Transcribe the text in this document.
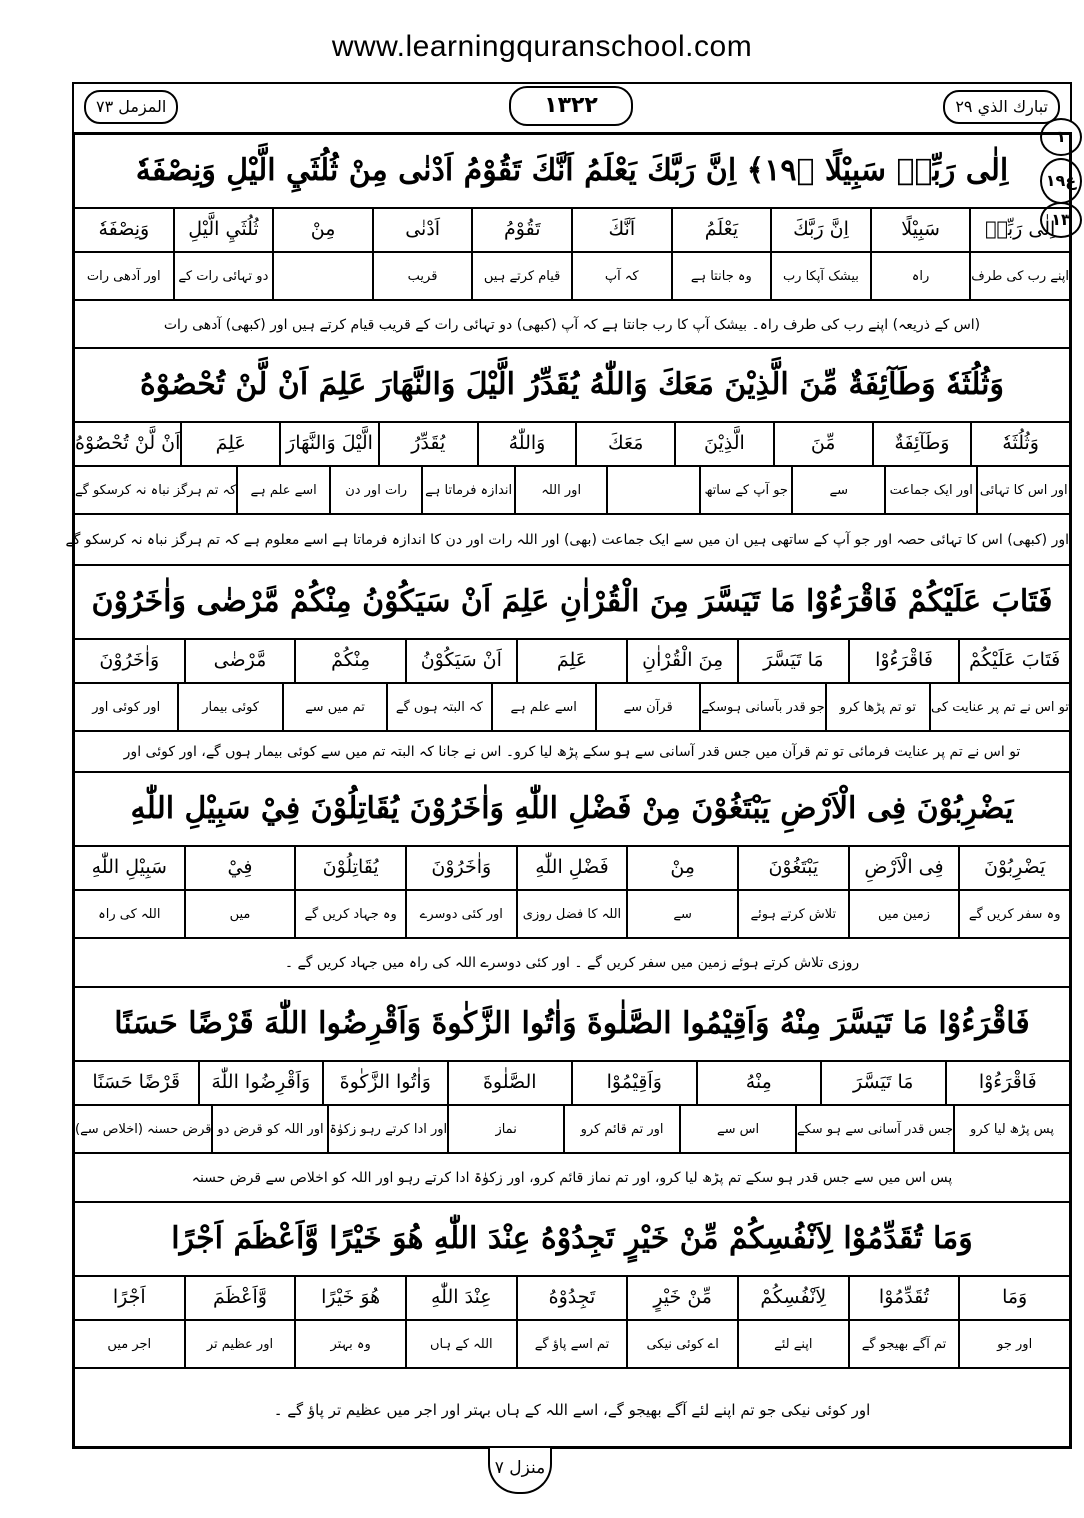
www.learningquranschool.com
المزمل ٧٣	١٣٢٢	تبارك الذي ٢٩
١
ع١٩
١٣
اِلٰى رَبِّهٖ سَبِيْلًا ﴿١٩﴾ اِنَّ رَبَّكَ يَعْلَمُ اَنَّكَ تَقُوْمُ اَدْنٰى مِنْ ثُلُثَيِ الَّيْلِ وَنِصْفَهٗ
اِلٰى رَبِّهٖ
سَبِيْلًا
اِنَّ رَبَّكَ
يَعْلَمُ
اَنَّكَ
تَقُوْمُ
اَدْنٰى
مِنْ
ثُلُثَيِ الَّيْلِ
وَنِصْفَهٗ
اپنے رب کی طرف
راہ
بیشک آپکا رب
وہ جانتا ہے
کہ آپ
قیام کرتے ہیں
قریب
دو تہائی رات کے
اور آدھی رات
(اس کے ذریعہ) اپنے رب کی طرف راہ۔ بیشک آپ کا رب جانتا ہے کہ آپ (کبھی) دو تہائی رات کے قریب قیام کرتے ہیں اور (کبھی) آدھی رات
وَثُلُثَهٗ وَطَآئِفَةٌ مِّنَ الَّذِيْنَ مَعَكَ وَاللّٰهُ يُقَدِّرُ الَّيْلَ وَالنَّهَارَ عَلِمَ اَنْ لَّنْ تُحْصُوْهُ
وَثُلُثَهٗ
وَطَآئِفَةٌ
مِّنَ
الَّذِيْنَ
مَعَكَ
وَاللّٰهُ
يُقَدِّرُ
الَّيْلَ وَالنَّهَارَ
عَلِمَ
اَنْ لَّنْ تُحْصُوْهُ
اور اس کا تہائی
اور ایک جماعت
سے
جو آپ کے ساتھ
اور اللہ
اندازہ فرماتا ہے
رات اور دن
اسے علم ہے
کہ تم ہرگز نباہ نہ کرسکو گے
اور (کبھی) اس کا تہائی حصہ اور جو آپ کے ساتھی ہیں ان میں سے ایک جماعت (بھی) اور اللہ رات اور دن کا اندازہ فرماتا ہے اسے معلوم ہے کہ تم ہرگز نباہ نہ کرسکو گے
فَتَابَ عَلَيْكُمْ فَاقْرَءُوْا مَا تَيَسَّرَ مِنَ الْقُرْاٰنِ عَلِمَ اَنْ سَيَكُوْنُ مِنْكُمْ مَّرْضٰى وَاٰخَرُوْنَ
فَتَابَ عَلَيْكُمْ
فَاقْرَءُوْا
مَا تَيَسَّرَ
مِنَ الْقُرْاٰنِ
عَلِمَ
اَنْ سَيَكُوْنُ
مِنْكُمْ
مَّرْضٰى
وَاٰخَرُوْنَ
تو اس نے تم پر عنایت کی
تو تم پڑھا کرو
جو قدر بآسانی ہوسکے
قرآن سے
اسے علم ہے
کہ البتہ ہوں گے
تم میں سے
کوئی بیمار
اور کوئی اور
تو اس نے تم پر عنایت فرمائی تو تم قرآن میں جس قدر آسانی سے ہو سکے پڑھ لیا کرو۔ اس نے جانا کہ البتہ تم میں سے کوئی بیمار ہوں گے، اور کوئی اور
يَضْرِبُوْنَ فِى الْاَرْضِ يَبْتَغُوْنَ مِنْ فَضْلِ اللّٰهِ وَاٰخَرُوْنَ يُقَاتِلُوْنَ فِيْ سَبِيْلِ اللّٰهِ
يَضْرِبُوْنَ
فِى الْاَرْضِ
يَبْتَغُوْنَ
مِنْ
فَضْلِ اللّٰهِ
وَاٰخَرُوْنَ
يُقَاتِلُوْنَ
فِيْ
سَبِيْلِ اللّٰهِ
وہ سفر کریں گے
زمین میں
تلاش کرتے ہوئے
سے
اللہ کا فضل روزی
اور کئی دوسرے
وہ جہاد کریں گے
میں
اللہ کی راہ
روزی تلاش کرتے ہوئے زمین میں سفر کریں گے ۔ اور کئی دوسرے اللہ کی راہ میں جہاد کریں گے ۔
فَاقْرَءُوْا مَا تَيَسَّرَ مِنْهُ وَاَقِيْمُوا الصَّلٰوةَ وَاٰتُوا الزَّكٰوةَ وَاَقْرِضُوا اللّٰهَ قَرْضًا حَسَنًا
فَاقْرَءُوْا
مَا تَيَسَّرَ
مِنْهُ
وَاَقِيْمُوْا
الصَّلٰوةَ
وَاٰتُوا الزَّكٰوةَ
وَاَقْرِضُوا اللّٰهَ
قَرْضًا حَسَنًا
پس پڑھ لیا کرو
جس قدر آسانی سے ہو سکے
اس سے
اور تم قائم کرو
نماز
اور ادا کرتے رہو زکوٰۃ
اور اللہ کو قرض دو
قرض حسنہ (اخلاص سے)
پس اس میں سے جس قدر ہو سکے تم پڑھ لیا کرو، اور تم نماز قائم کرو، اور زکوٰۃ ادا کرتے رہو اور اللہ کو اخلاص سے قرض حسنہ
وَمَا تُقَدِّمُوْا لِاَنْفُسِكُمْ مِّنْ خَيْرٍ تَجِدُوْهُ عِنْدَ اللّٰهِ هُوَ خَيْرًا وَّاَعْظَمَ اَجْرًا
وَمَا
تُقَدِّمُوْا
لِاَنْفُسِكُمْ
مِّنْ خَيْرٍ
تَجِدُوْهُ
عِنْدَ اللّٰهِ
هُوَ خَيْرًا
وَّاَعْظَمَ
اَجْرًا
اور جو
تم آگے بھیجو گے
اپنے لئے
اے کوئی نیکی
تم اسے پاؤ گے
اللہ کے ہاں
وہ بہتر
اور عظیم تر
اجر میں
اور کوئی نیکی جو تم اپنے لئے آگے بھیجو گے، اسے اللہ کے ہاں بہتر اور اجر میں عظیم تر پاؤ گے ۔
منزل ٧
